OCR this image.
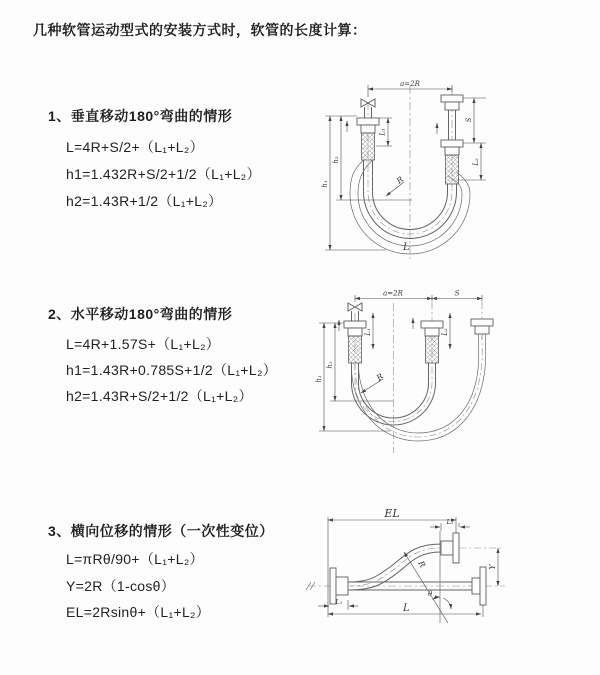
几种软管运动型式的安装方式时，软管的长度计算：
1、垂直移动180°弯曲的情形
L=4R+S/2+（L₁+L₂）
h1=1.432R+S/2+1/2（L₁+L₂）
h2=1.43R+1/2（L₁+L₂）
2、水平移动180°弯曲的情形
L=4R+1.57S+（L₁+L₂）
h1=1.43R+0.785S+1/2（L₁+L₂）
h2=1.43R+S/2+1/2（L₁+L₂）
3、横向位移的情形（一次性变位）
L=πRθ/90+（L₁+L₂）
Y=2R（1-cosθ）
EL=2Rsinθ+（L₁+L₂）
a=2R
L₁
S
L₂
h₁
h₂
R
L
a=2R	S
L₁	L₂
h₁
h₂
R
R
θ
EL
L₂
Y
L₁
L
